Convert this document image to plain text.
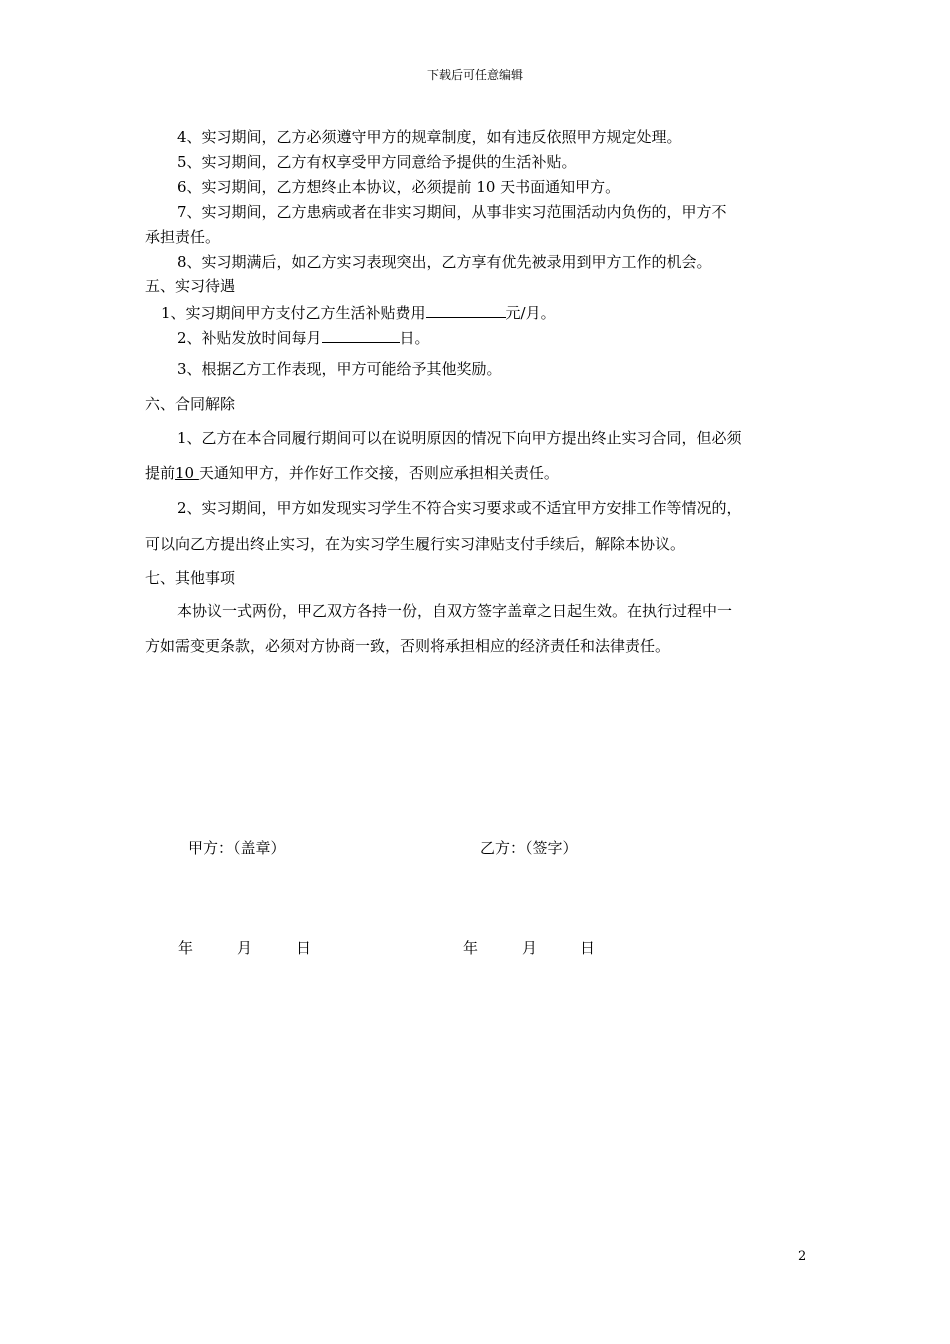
下载后可任意编辑
4、实习期间，乙方必须遵守甲方的规章制度，如有违反依照甲方规定处理。
5、实习期间，乙方有权享受甲方同意给予提供的生活补贴。
6、实习期间，乙方想终止本协议，必须提前 10 天书面通知甲方。
7、实习期间，乙方患病或者在非实习期间，从事非实习范围活动内负伤的，甲方不
承担责任。
8、实习期满后，如乙方实习表现突出，乙方享有优先被录用到甲方工作的机会。
五、实习待遇
1、实习期间甲方支付乙方生活补贴费用	元/月。
2、补贴发放时间每月	日。
3、根据乙方工作表现，甲方可能给予其他奖励。
六、合同解除
1、乙方在本合同履行期间可以在说明原因的情况下向甲方提出终止实习合同，但必须
提前10 天通知甲方，并作好工作交接，否则应承担相关责任。
2、实习期间，甲方如发现实习学生不符合实习要求或不适宜甲方安排工作等情况的，
可以向乙方提出终止实习，在为实习学生履行实习津贴支付手续后，解除本协议。
七、其他事项
本协议一式两份，甲乙双方各持一份，自双方签字盖章之日起生效。在执行过程中一
方如需变更条款，必须对方协商一致，否则将承担相应的经济责任和法律责任。
甲方：（盖章）	乙方：（签字）
年	月	日	年	月	日
2
